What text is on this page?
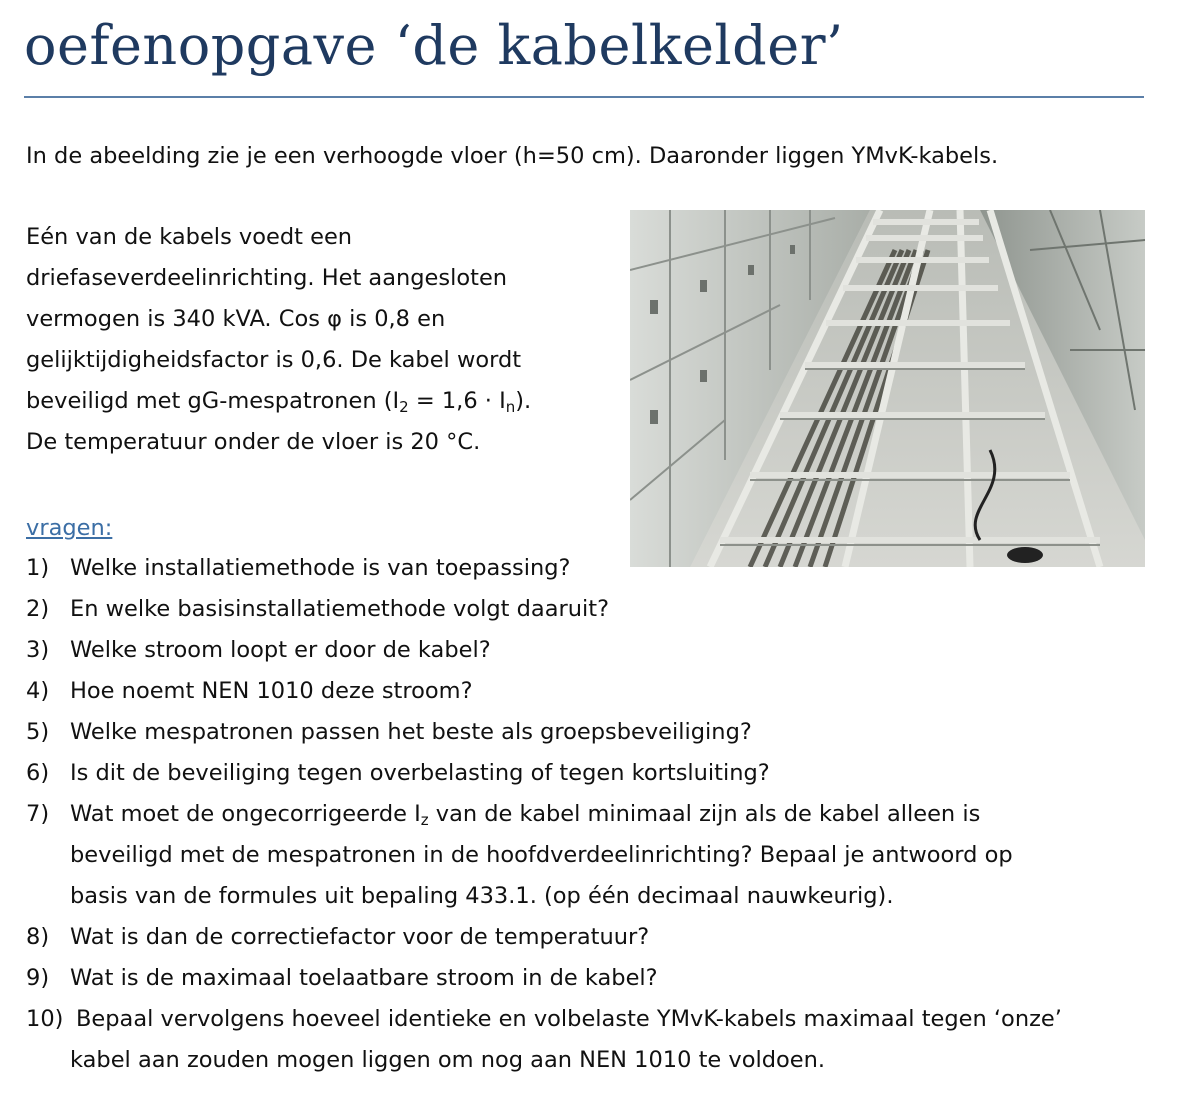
oefenopgave ‘de kabelkelder’
In de abeelding zie je een verhoogde vloer (h=50 cm). Daaronder liggen YMvK-kabels.
Eén van de kabels voedt een
driefaseverdeelinrichting. Het aangesloten
vermogen is 340 kVA. Cos φ is 0,8 en
gelijktijdigheidsfactor is 0,6. De kabel wordt
beveiligd met gG-mespatronen $(I_2 = 1,6 \cdot I_n)$.
De temperatuur onder de vloer is 20 °C.
vragen:
1) Welke installatiemethode is van toepassing?
2) En welke basisinstallatiemethode volgt daaruit?
3) Welke stroom loopt er door de kabel?
4) Hoe noemt NEN 1010 deze stroom?
5) Welke mespatronen passen het beste als groepsbeveiliging?
6) Is dit de beveiliging tegen overbelasting of tegen kortsluiting?
7) Wat moet de ongecorrigeerde $I_z$ van de kabel minimaal zijn als de kabel alleen is
beveiligd met de mespatronen in de hoofdverdeelinrichting? Bepaal je antwoord op
basis van de formules uit bepaling 433.1. (op één decimaal nauwkeurig).
8) Wat is dan de correctiefactor voor de temperatuur?
9) Wat is de maximaal toelaatbare stroom in de kabel?
10) Bepaal vervolgens hoeveel identieke en volbelaste YMvK-kabels maximaal tegen ‘onze’
kabel aan zouden mogen liggen om nog aan NEN 1010 te voldoen.
